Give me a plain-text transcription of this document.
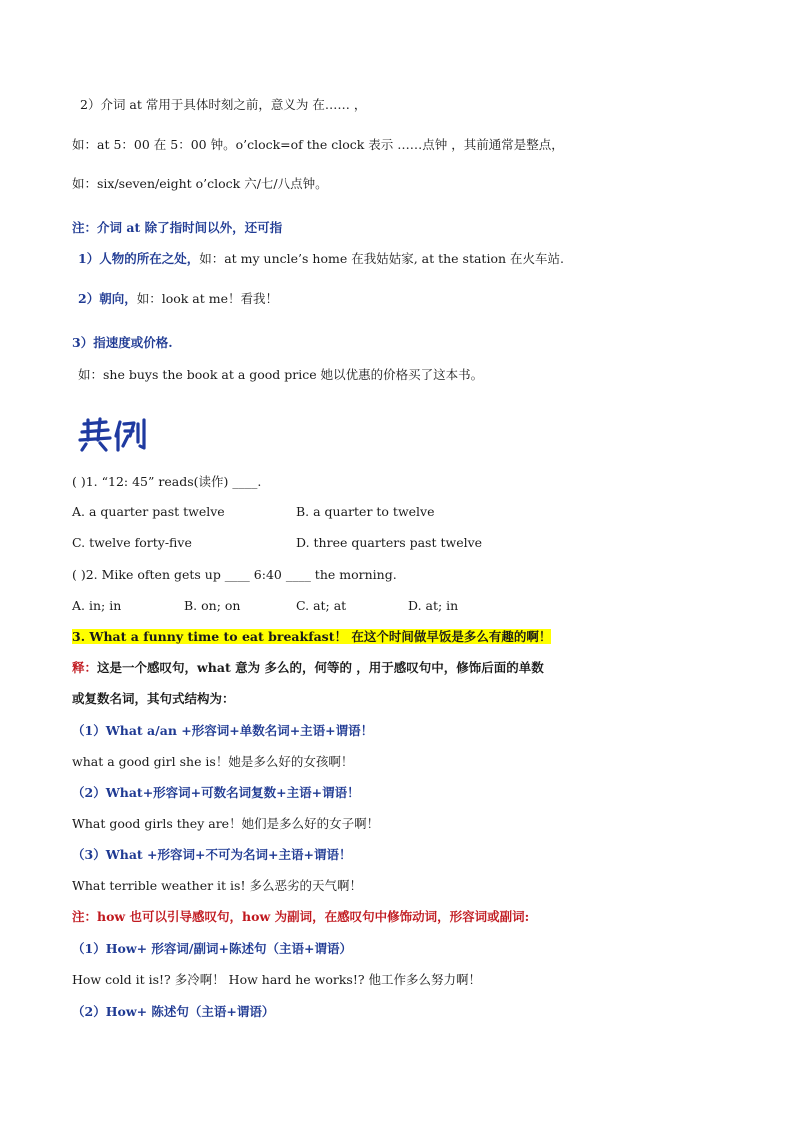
2）介词 at 常用于具体时刻之前，意义为 在…… ，
如：at 5：00 在 5：00 钟。o’clock=of the clock 表示 ……点钟 ，其前通常是整点，
如：six/seven/eight o’clock 六/七/八点钟。
注：介词 at 除了指时间以外，还可指
1）人物的所在之处，如：at my uncle’s home 在我姑姑家, at the station 在火车站.
2）朝向，如：look at me！看我！
3）指速度或价格.
如：she buys the book at a good price 她以优惠的价格买了这本书。
( )1. “12: 45” reads(读作) ____.
A. a quarter past twelve	B. a quarter to twelve
C. twelve forty-five	D. three quarters past twelve
( )2. Mike often gets up ____ 6:40 ____ the morning.
A. in; in	B. on; on	C. at; at	D. at; in
3. What a funny time to eat breakfast！ 在这个时间做早饭是多么有趣的啊！
释：这是一个感叹句，what 意为 多么的，何等的 ，用于感叹句中，修饰后面的单数
或复数名词，其句式结构为：
（1）What a/an +形容词+单数名词+主语+谓语！
what a good girl she is！她是多么好的女孩啊！
（2）What+形容词+可数名词复数+主语+谓语！
What good girls they are！她们是多么好的女子啊！
（3）What +形容词+不可为名词+主语+谓语！
What terrible weather it is! 多么恶劣的天气啊！
注：how 也可以引导感叹句，how 为副词，在感叹句中修饰动词，形容词或副词:
（1）How+ 形容词/副词+陈述句（主语+谓语）
How cold it is!? 多冷啊！ How hard he works!? 他工作多么努力啊！
（2）How+ 陈述句（主语+谓语）
